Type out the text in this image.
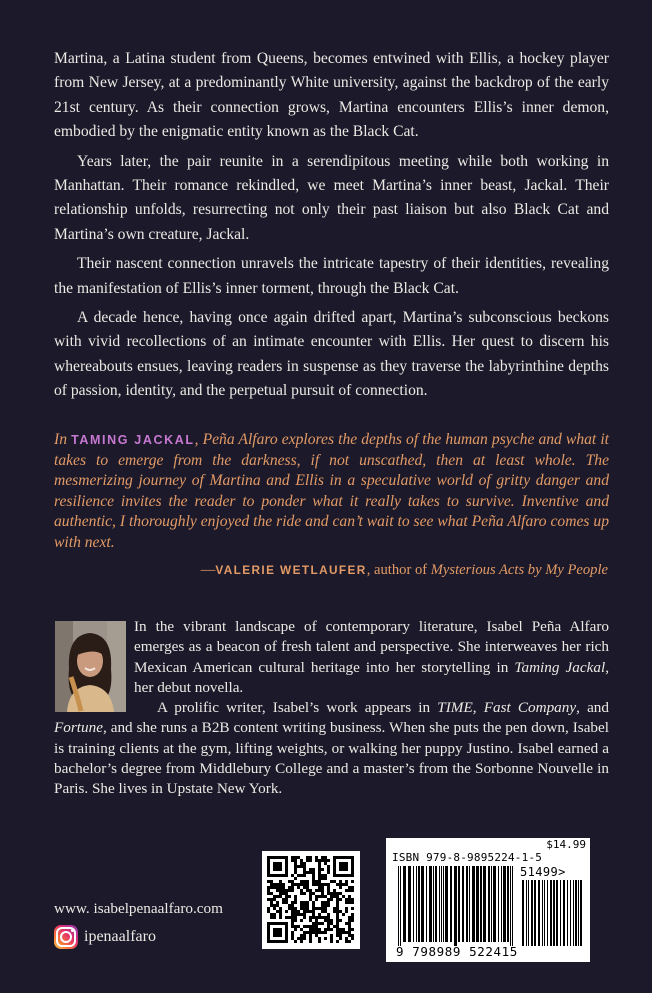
Martina, a Latina student from Queens, becomes entwined with Ellis, a hockey player from New Jersey, at a predominantly White university, against the backdrop of the early 21st century. As their connection grows, Martina encounters Ellis’s inner demon, embodied by the enigmatic entity known as the Black Cat.

Years later, the pair reunite in a serendipitous meeting while both working in Manhattan. Their romance rekindled, we meet Martina’s inner beast, Jackal. Their relationship unfolds, resurrecting not only their past liaison but also Black Cat and Martina’s own creature, Jackal.

Their nascent connection unravels the intricate tapestry of their identities, revealing the manifestation of Ellis’s inner torment, through the Black Cat.

A decade hence, having once again drifted apart, Martina’s subconscious beckons with vivid recollections of an intimate encounter with Ellis. Her quest to discern his whereabouts ensues, leaving readers in suspense as they traverse the labyrinthine depths of passion, identity, and the perpetual pursuit of connection.

In TAMING JACKAL, Peña Alfaro explores the depths of the human psyche and what it takes to emerge from the darkness, if not unscathed, then at least whole. The mesmerizing journey of Martina and Ellis in a speculative world of gritty danger and resilience invites the reader to ponder what it really takes to survive. Inventive and authentic, I thoroughly enjoyed the ride and can’t wait to see what Peña Alfaro comes up with next.
—VALERIE WETLAUFER, author of Mysterious Acts by My People

In the vibrant landscape of contemporary literature, Isabel Peña Alfaro emerges as a beacon of fresh talent and perspective. She interweaves her rich Mexican American cultural heritage into her storytelling in Taming Jackal, her debut novella.

A prolific writer, Isabel’s work appears in TIME, Fast Company, and Fortune, and she runs a B2B content writing business. When she puts the pen down, Isabel is training clients at the gym, lifting weights, or walking her puppy Justino. Isabel earned a bachelor’s degree from Middlebury College and a master’s from the Sorbonne Nouvelle in Paris. She lives in Upstate New York.

$14.99
ISBN 979-8-9895224-1-5
51499>
9 798989 522415
www. isabelpenaalfaro.com
ipenaalfaro
